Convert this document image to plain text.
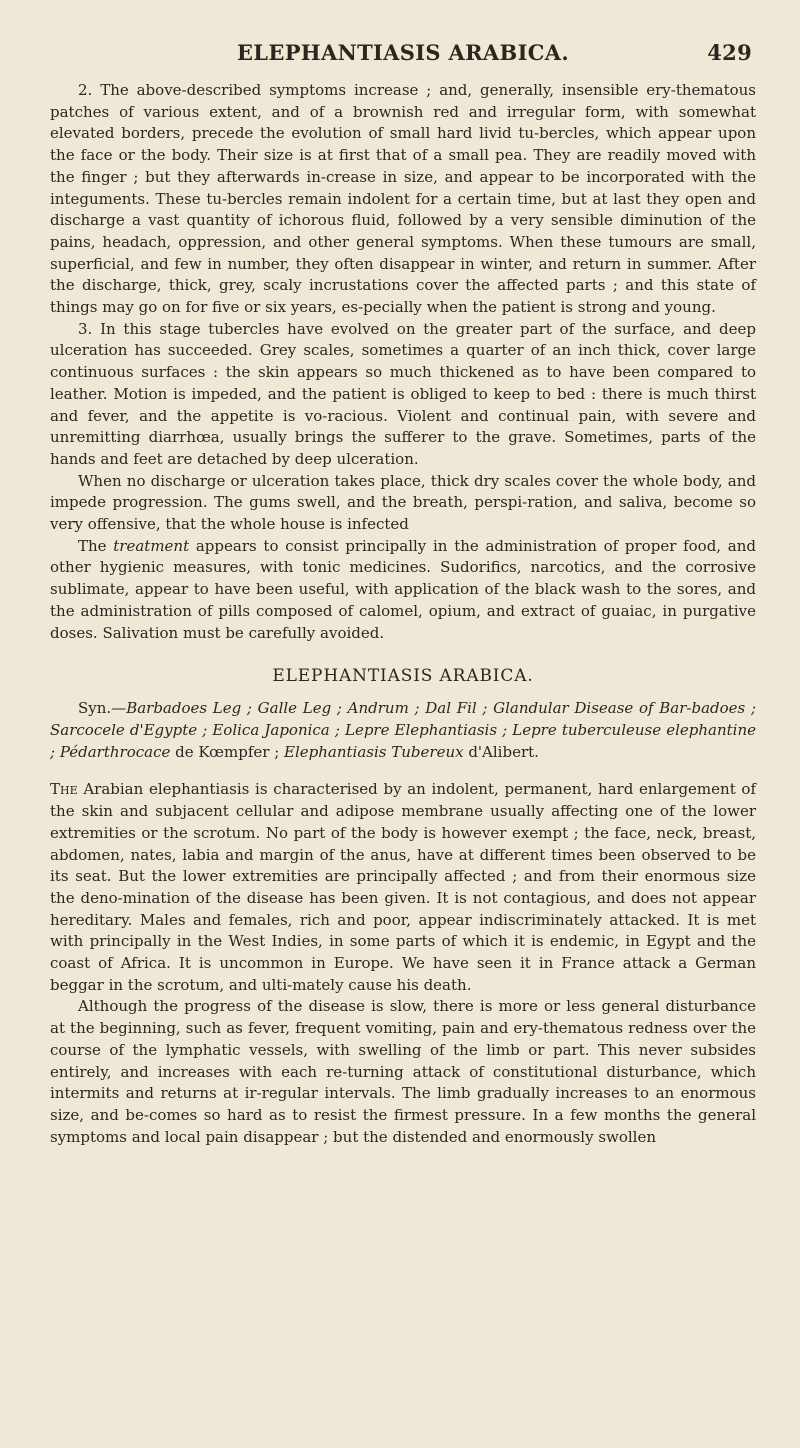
ELEPHANTIASIS ARABICA.	429

2. The above-described symptoms increase ; and, generally, insensible ery-thematous patches of various extent, and of a brownish red and irregular form, with somewhat elevated borders, precede the evolution of small hard livid tu-bercles, which appear upon the face or the body. Their size is at first that of a small pea. They are readily moved with the finger ; but they afterwards in-crease in size, and appear to be incorporated with the integuments. These tu-bercles remain indolent for a certain time, but at last they open and discharge a vast quantity of ichorous fluid, followed by a very sensible diminution of the pains, headach, oppression, and other general symptoms. When these tumours are small, superficial, and few in number, they often disappear in winter, and return in summer. After the discharge, thick, grey, scaly incrustations cover the affected parts ; and this state of things may go on for five or six years, es-pecially when the patient is strong and young.

3. In this stage tubercles have evolved on the greater part of the surface, and deep ulceration has succeeded. Grey scales, sometimes a quarter of an inch thick, cover large continuous surfaces : the skin appears so much thickened as to have been compared to leather. Motion is impeded, and the patient is obliged to keep to bed : there is much thirst and fever, and the appetite is vo-racious. Violent and continual pain, with severe and unremitting diarrhœa, usually brings the sufferer to the grave. Sometimes, parts of the hands and feet are detached by deep ulceration.

When no discharge or ulceration takes place, thick dry scales cover the whole body, and impede progression. The gums swell, and the breath, perspi-ration, and saliva, become so very offensive, that the whole house is infected

The treatment appears to consist principally in the administration of proper food, and other hygienic measures, with tonic medicines. Sudorifics, narcotics, and the corrosive sublimate, appear to have been useful, with application of the black wash to the sores, and the administration of pills composed of calomel, opium, and extract of guaiac, in purgative doses. Salivation must be carefully avoided.

ELEPHANTIASIS ARABICA.

Syn.—Barbadoes Leg ; Galle Leg ; Andrum ; Dal Fil ; Glandular Disease of Bar-badoes ; Sarcocele d'Egypte ; Eolica Japonica ; Lepre Elephantiasis ; Lepre tuberculeuse elephantine ; Pédarthrocace de Kœmpfer ; Elephantiasis Tubereux d'Alibert.

The Arabian elephantiasis is characterised by an indolent, permanent, hard enlargement of the skin and subjacent cellular and adipose membrane usually affecting one of the lower extremities or the scrotum. No part of the body is however exempt ; the face, neck, breast, abdomen, nates, labia and margin of the anus, have at different times been observed to be its seat. But the lower extremities are principally affected ; and from their enormous size the deno-mination of the disease has been given. It is not contagious, and does not appear hereditary. Males and females, rich and poor, appear indiscriminately attacked. It is met with principally in the West Indies, in some parts of which it is endemic, in Egypt and the coast of Africa. It is uncommon in Europe. We have seen it in France attack a German beggar in the scrotum, and ulti-mately cause his death.

Although the progress of the disease is slow, there is more or less general disturbance at the beginning, such as fever, frequent vomiting, pain and ery-thematous redness over the course of the lymphatic vessels, with swelling of the limb or part. This never subsides entirely, and increases with each re-turning attack of constitutional disturbance, which intermits and returns at ir-regular intervals. The limb gradually increases to an enormous size, and be-comes so hard as to resist the firmest pressure. In a few months the general symptoms and local pain disappear ; but the distended and enormously swollen
